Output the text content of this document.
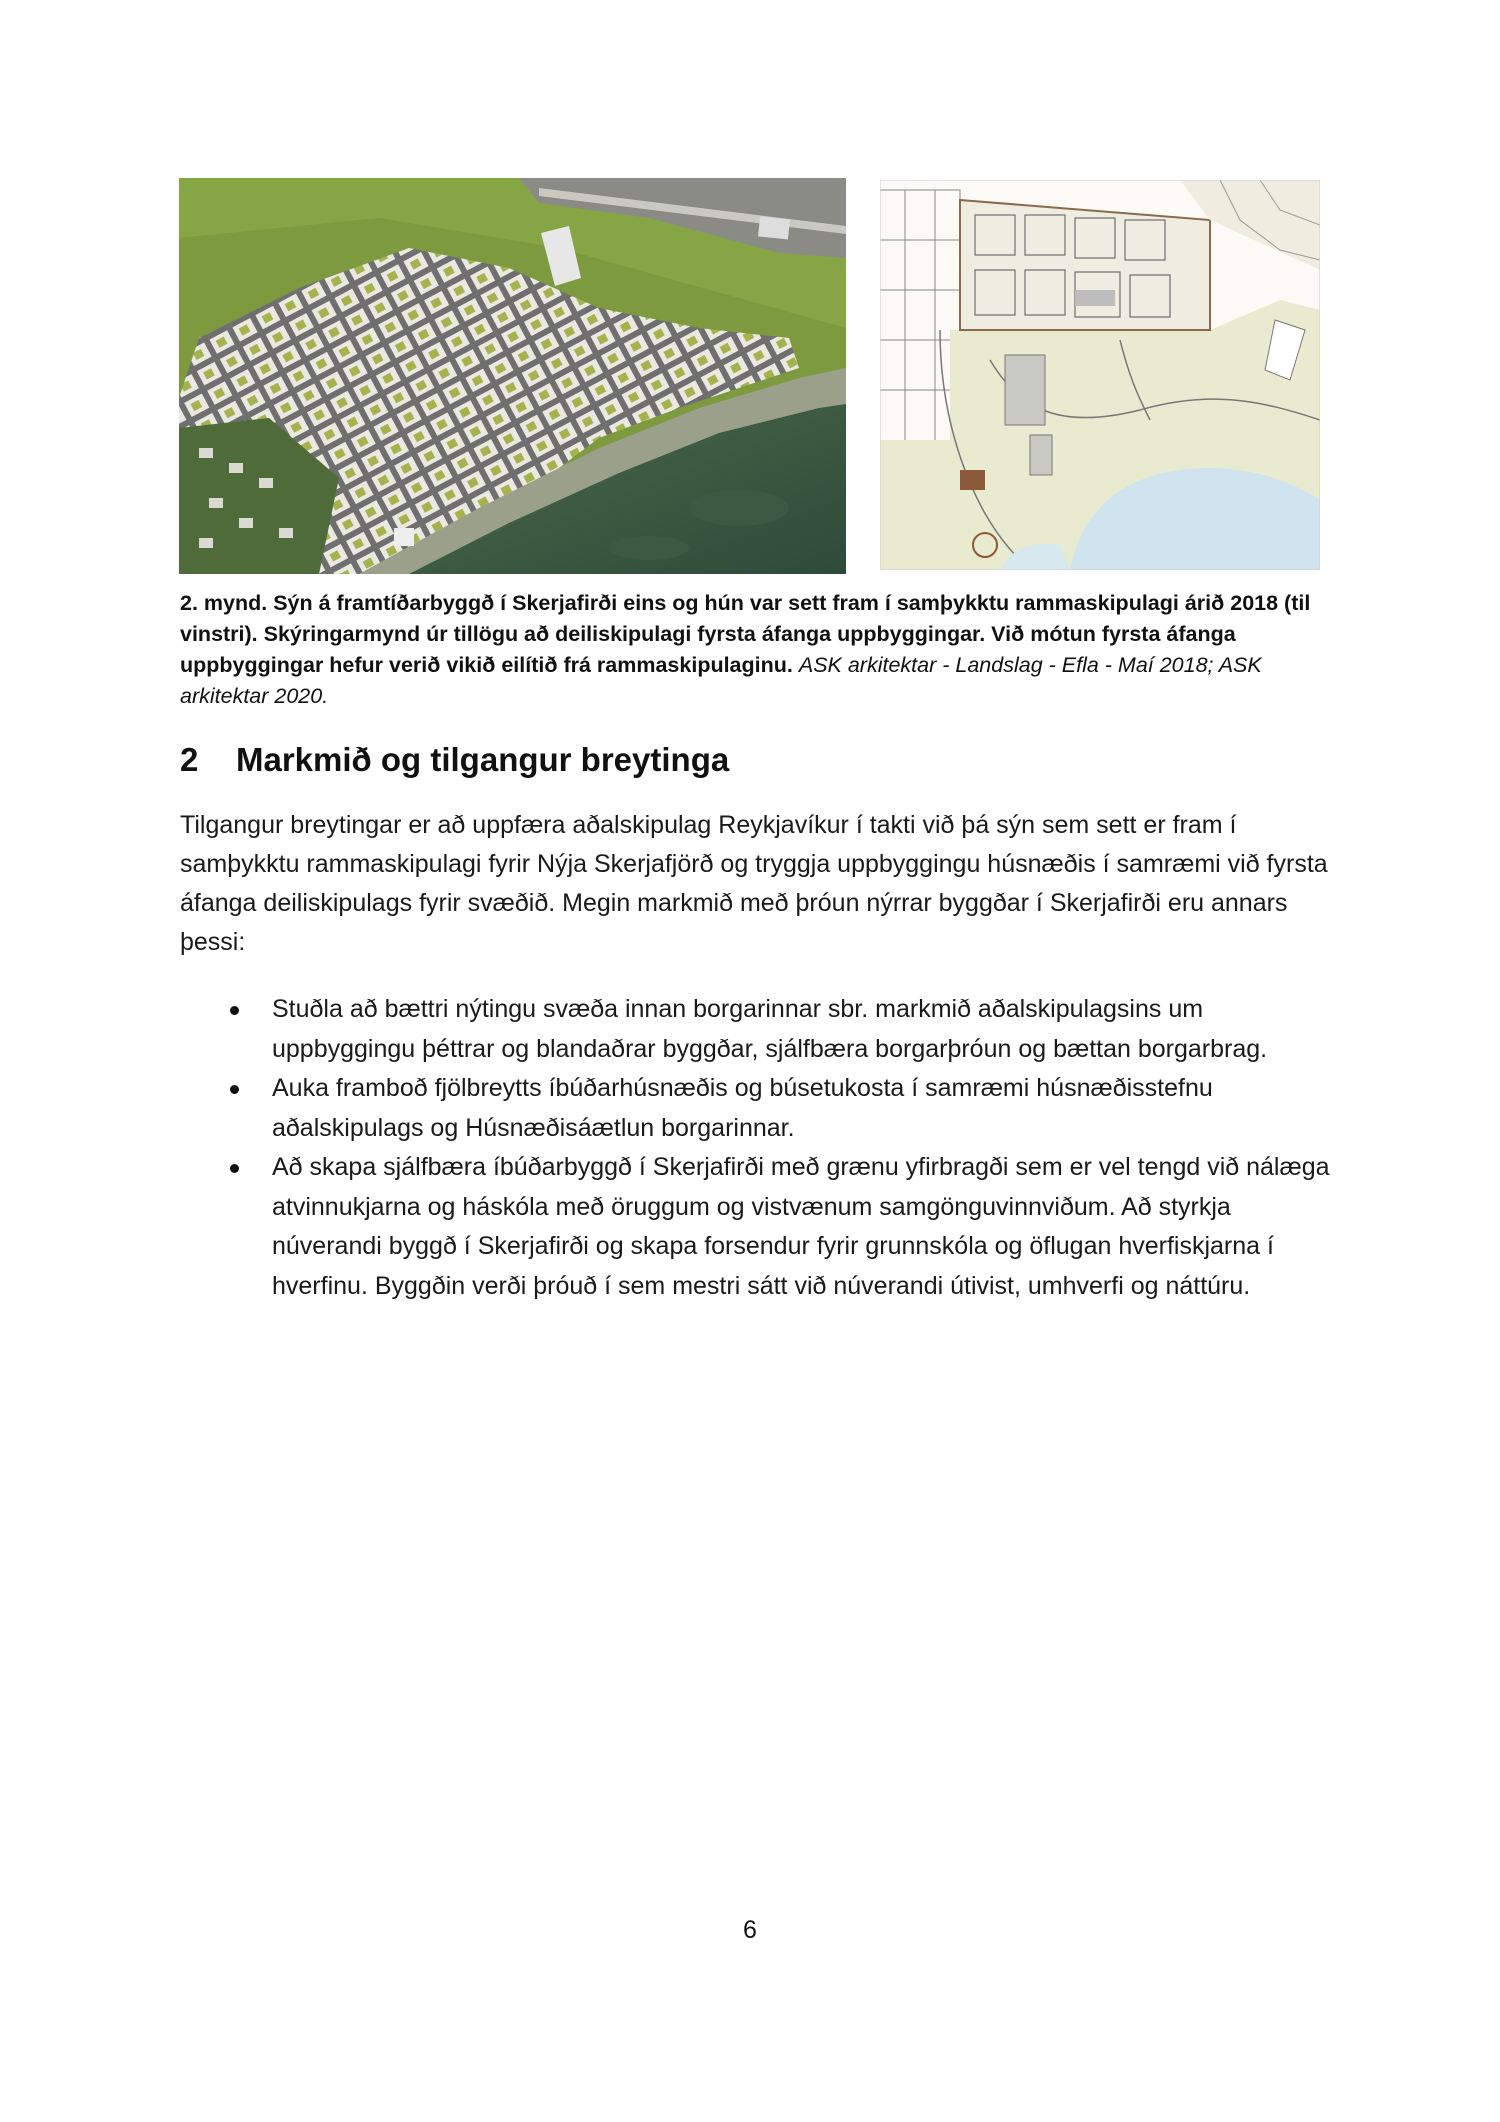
2. mynd. Sýn á framtíðarbyggð í Skerjafirði eins og hún var sett fram í samþykktu rammaskipulagi árið 2018 (til vinstri). Skýringarmynd úr tillögu að deiliskipulagi fyrsta áfanga uppbyggingar. Við mótun fyrsta áfanga uppbyggingar hefur verið vikið eilítið frá rammaskipulaginu. ASK arkitektar - Landslag - Efla - Maí 2018; ASK arkitektar 2020.
2 Markmið og tilgangur breytinga
Tilgangur breytingar er að uppfæra aðalskipulag Reykjavíkur í takti við þá sýn sem sett er fram í samþykktu rammaskipulagi fyrir Nýja Skerjafjörð og tryggja uppbyggingu húsnæðis í samræmi við fyrsta áfanga deiliskipulags fyrir svæðið. Megin markmið með þróun nýrrar byggðar í Skerjafirði eru annars þessi:
Stuðla að bættri nýtingu svæða innan borgarinnar sbr. markmið aðalskipulagsins um uppbyggingu þéttrar og blandaðrar byggðar, sjálfbæra borgarþróun og bættan borgarbrag.
Auka framboð fjölbreytts íbúðarhúsnæðis og búsetukosta í samræmi húsnæðisstefnu aðalskipulags og Húsnæðisáætlun borgarinnar.
Að skapa sjálfbæra íbúðarbyggð í Skerjafirði með grænu yfirbragði sem er vel tengd við nálæga atvinnukjarna og háskóla með öruggum og vistvænum samgönguvinnviðum. Að styrkja núverandi byggð í Skerjafirði og skapa forsendur fyrir grunnskóla og öflugan hverfiskjarna í hverfinu. Byggðin verði þróuð í sem mestri sátt við núverandi útivist, umhverfi og náttúru.
6
